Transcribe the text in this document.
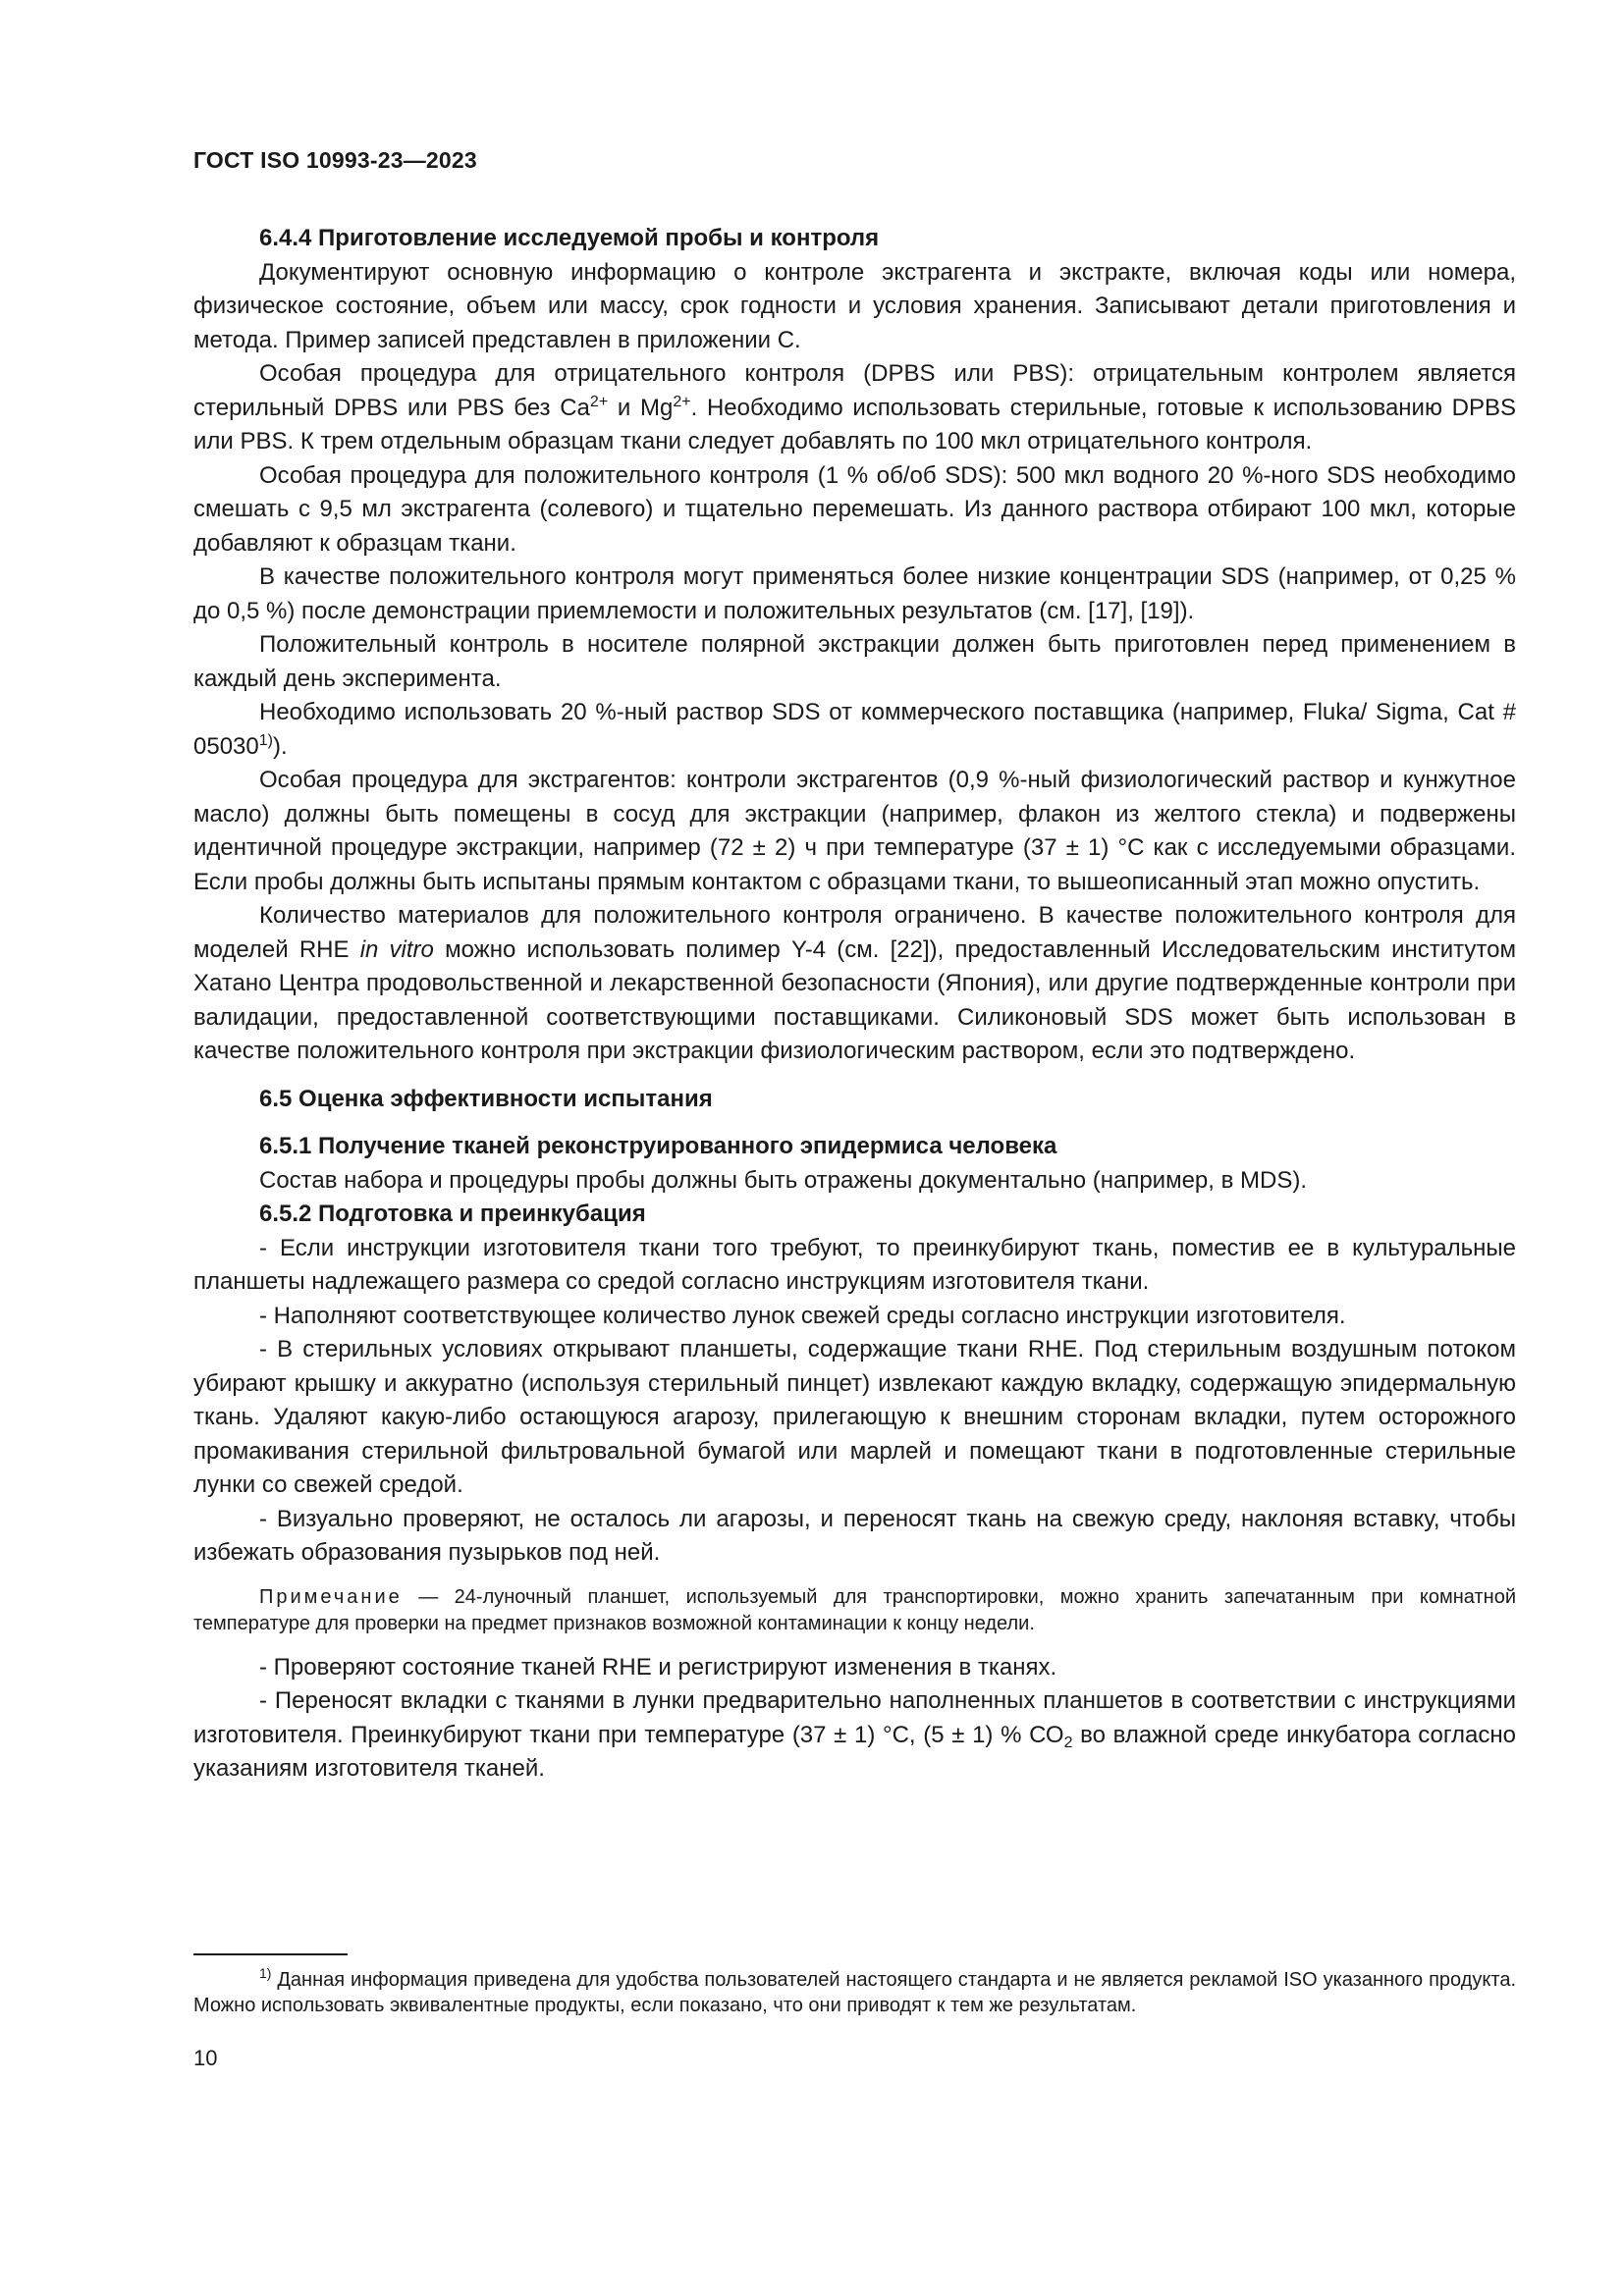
ГОСТ ISO 10993-23—2023

6.4.4 Приготовление исследуемой пробы и контроля

Документируют основную информацию о контроле экстрагента и экстракте, включая коды или номера, физическое состояние, объем или массу, срок годности и условия хранения. Записывают детали приготовления и метода. Пример записей представлен в приложении С.

Особая процедура для отрицательного контроля (DPBS или PBS): отрицательным контролем является стерильный DPBS или PBS без $Ca^{2+}$ и $Mg^{2+}$. Необходимо использовать стерильные, готовые к использованию DPBS или PBS. К трем отдельным образцам ткани следует добавлять по 100 мкл отрицательного контроля.

Особая процедура для положительного контроля (1 % об/об SDS): 500 мкл водного 20 %-ного SDS необходимо смешать с 9,5 мл экстрагента (солевого) и тщательно перемешать. Из данного раствора отбирают 100 мкл, которые добавляют к образцам ткани.

В качестве положительного контроля могут применяться более низкие концентрации SDS (например, от 0,25 % до 0,5 %) после демонстрации приемлемости и положительных результатов (см. [17], [19]).

Положительный контроль в носителе полярной экстракции должен быть приготовлен перед применением в каждый день эксперимента.

Необходимо использовать 20 %-ный раствор SDS от коммерческого поставщика (например, Fluka/ Sigma, Cat # 05030$^{1)}$).

Особая процедура для экстрагентов: контроли экстрагентов (0,9 %-ный физиологический раствор и кунжутное масло) должны быть помещены в сосуд для экстракции (например, флакон из желтого стекла) и подвержены идентичной процедуре экстракции, например (72 ± 2) ч при температуре (37 ± 1) °С как с исследуемыми образцами. Если пробы должны быть испытаны прямым контактом с образцами ткани, то вышеописанный этап можно опустить.

Количество материалов для положительного контроля ограничено. В качестве положительного контроля для моделей RHE in vitro можно использовать полимер Y-4 (см. [22]), предоставленный Исследовательским институтом Хатано Центра продовольственной и лекарственной безопасности (Япония), или другие подтвержденные контроли при валидации, предоставленной соответствующими поставщиками. Силиконовый SDS может быть использован в качестве положительного контроля при экстракции физиологическим раствором, если это подтверждено.

6.5 Оценка эффективности испытания

6.5.1 Получение тканей реконструированного эпидермиса человека

Состав набора и процедуры пробы должны быть отражены документально (например, в MDS).

6.5.2 Подготовка и преинкубация

- Если инструкции изготовителя ткани того требуют, то преинкубируют ткань, поместив ее в культуральные планшеты надлежащего размера со средой согласно инструкциям изготовителя ткани.

- Наполняют соответствующее количество лунок свежей среды согласно инструкции изготовителя.

- В стерильных условиях открывают планшеты, содержащие ткани RHE. Под стерильным воздушным потоком убирают крышку и аккуратно (используя стерильный пинцет) извлекают каждую вкладку, содержащую эпидермальную ткань. Удаляют какую-либо остающуюся агарозу, прилегающую к внешним сторонам вкладки, путем осторожного промакивания стерильной фильтровальной бумагой или марлей и помещают ткани в подготовленные стерильные лунки со свежей средой.

- Визуально проверяют, не осталось ли агарозы, и переносят ткань на свежую среду, наклоняя вставку, чтобы избежать образования пузырьков под ней.

Примечание — 24-луночный планшет, используемый для транспортировки, можно хранить запечатанным при комнатной температуре для проверки на предмет признаков возможной контаминации к концу недели.

- Проверяют состояние тканей RHE и регистрируют изменения в тканях.

- Переносят вкладки с тканями в лунки предварительно наполненных планшетов в соответствии с инструкциями изготовителя. Преинкубируют ткани при температуре (37 ± 1) °С, (5 ± 1) % $СО_2$ во влажной среде инкубатора согласно указаниям изготовителя тканей.

$^{1)}$ Данная информация приведена для удобства пользователей настоящего стандарта и не является рекламой ISO указанного продукта. Можно использовать эквивалентные продукты, если показано, что они приводят к тем же результатам.
10
